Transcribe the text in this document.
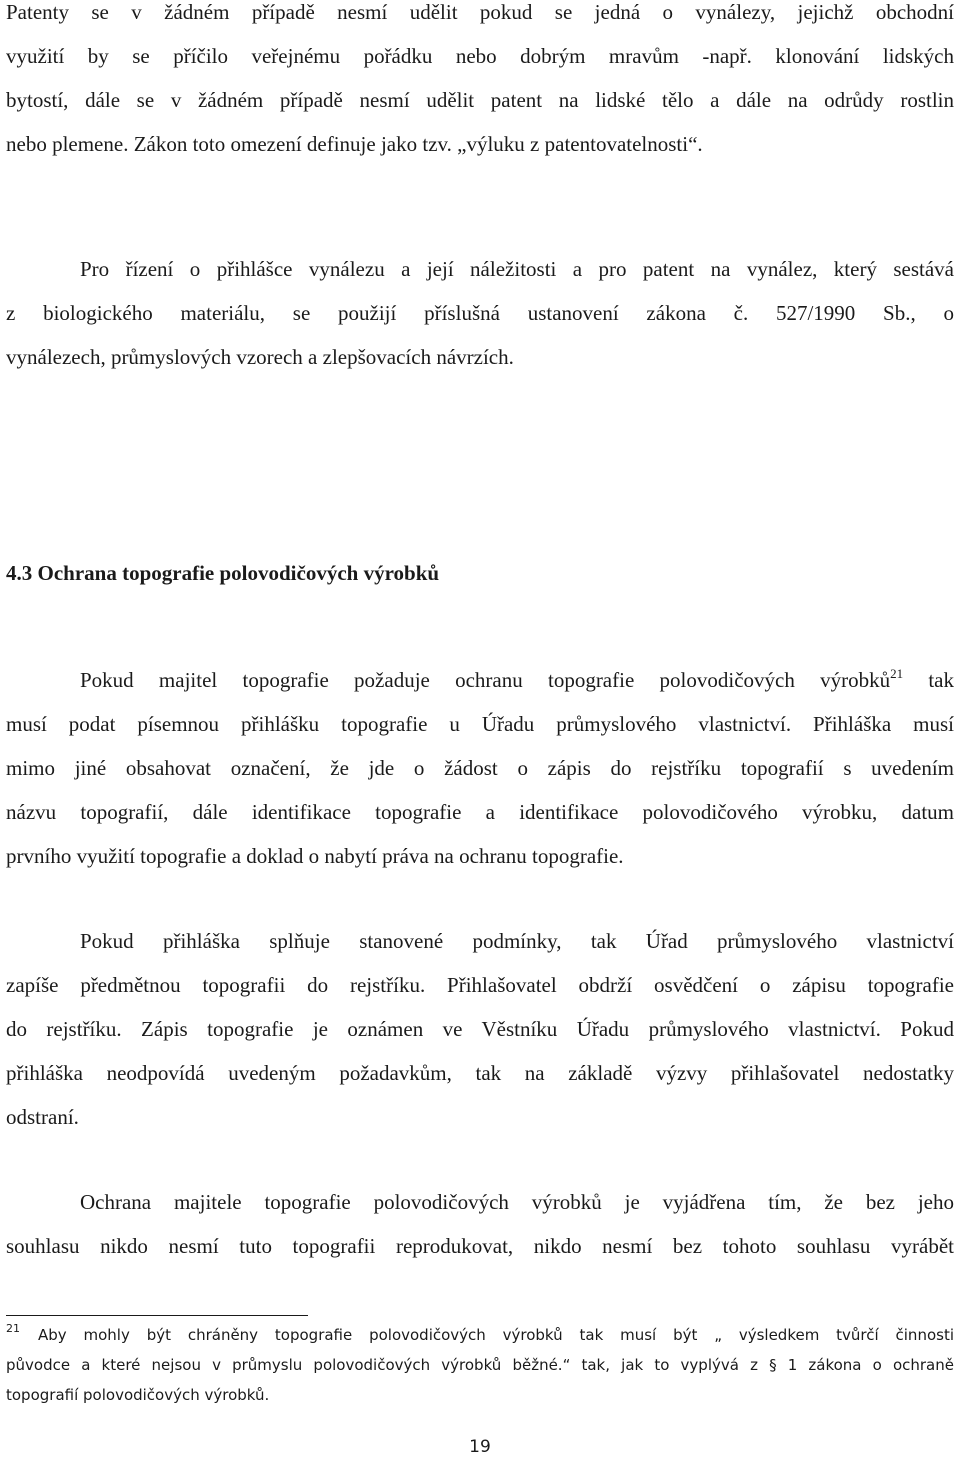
Patenty se v žádném případě nesmí udělit pokud se jedná o vynálezy, jejichž obchodní
využití by se příčilo veřejnému pořádku nebo dobrým mravům -např. klonování lidských
bytostí, dále se v žádném případě nesmí udělit patent na lidské tělo a dále na odrůdy rostlin
nebo plemene. Zákon toto omezení definuje jako tzv. „výluku z patentovatelnosti“.
Pro řízení o přihlášce vynálezu a její náležitosti a pro patent na vynález, který sestává
z biologického materiálu, se použijí příslušná ustanovení zákona č. 527/1990 Sb., o
vynálezech, průmyslových vzorech a zlepšovacích návrzích.
4.3 Ochrana topografie polovodičových výrobků
Pokud majitel topografie požaduje ochranu topografie polovodičových výrobků$^{21}$ tak
musí podat písemnou přihlášku topografie u Úřadu průmyslového vlastnictví. Přihláška musí
mimo jiné obsahovat označení, že jde o žádost o zápis do rejstříku topografií s uvedením
názvu topografií, dále identifikace topografie a identifikace polovodičového výrobku, datum
prvního využití topografie a doklad o nabytí práva na ochranu topografie.
Pokud přihláška splňuje stanovené podmínky, tak Úřad průmyslového vlastnictví
zapíše předmětnou topografii do rejstříku. Přihlašovatel obdrží osvědčení o zápisu topografie
do rejstříku. Zápis topografie je oznámen ve Věstníku Úřadu průmyslového vlastnictví. Pokud
přihláška neodpovídá uvedeným požadavkům, tak na základě výzvy přihlašovatel nedostatky
odstraní.
Ochrana majitele topografie polovodičových výrobků je vyjádřena tím, že bez jeho
souhlasu nikdo nesmí tuto topografii reprodukovat, nikdo nesmí bez tohoto souhlasu vyrábět
21 Aby mohly být chráněny topografie polovodičových výrobků tak musí být „ výsledkem tvůrčí činnosti
původce a které nejsou v průmyslu polovodičových výrobků běžné.“ tak, jak to vyplývá z § 1 zákona o ochraně
topografií polovodičových výrobků.
19
